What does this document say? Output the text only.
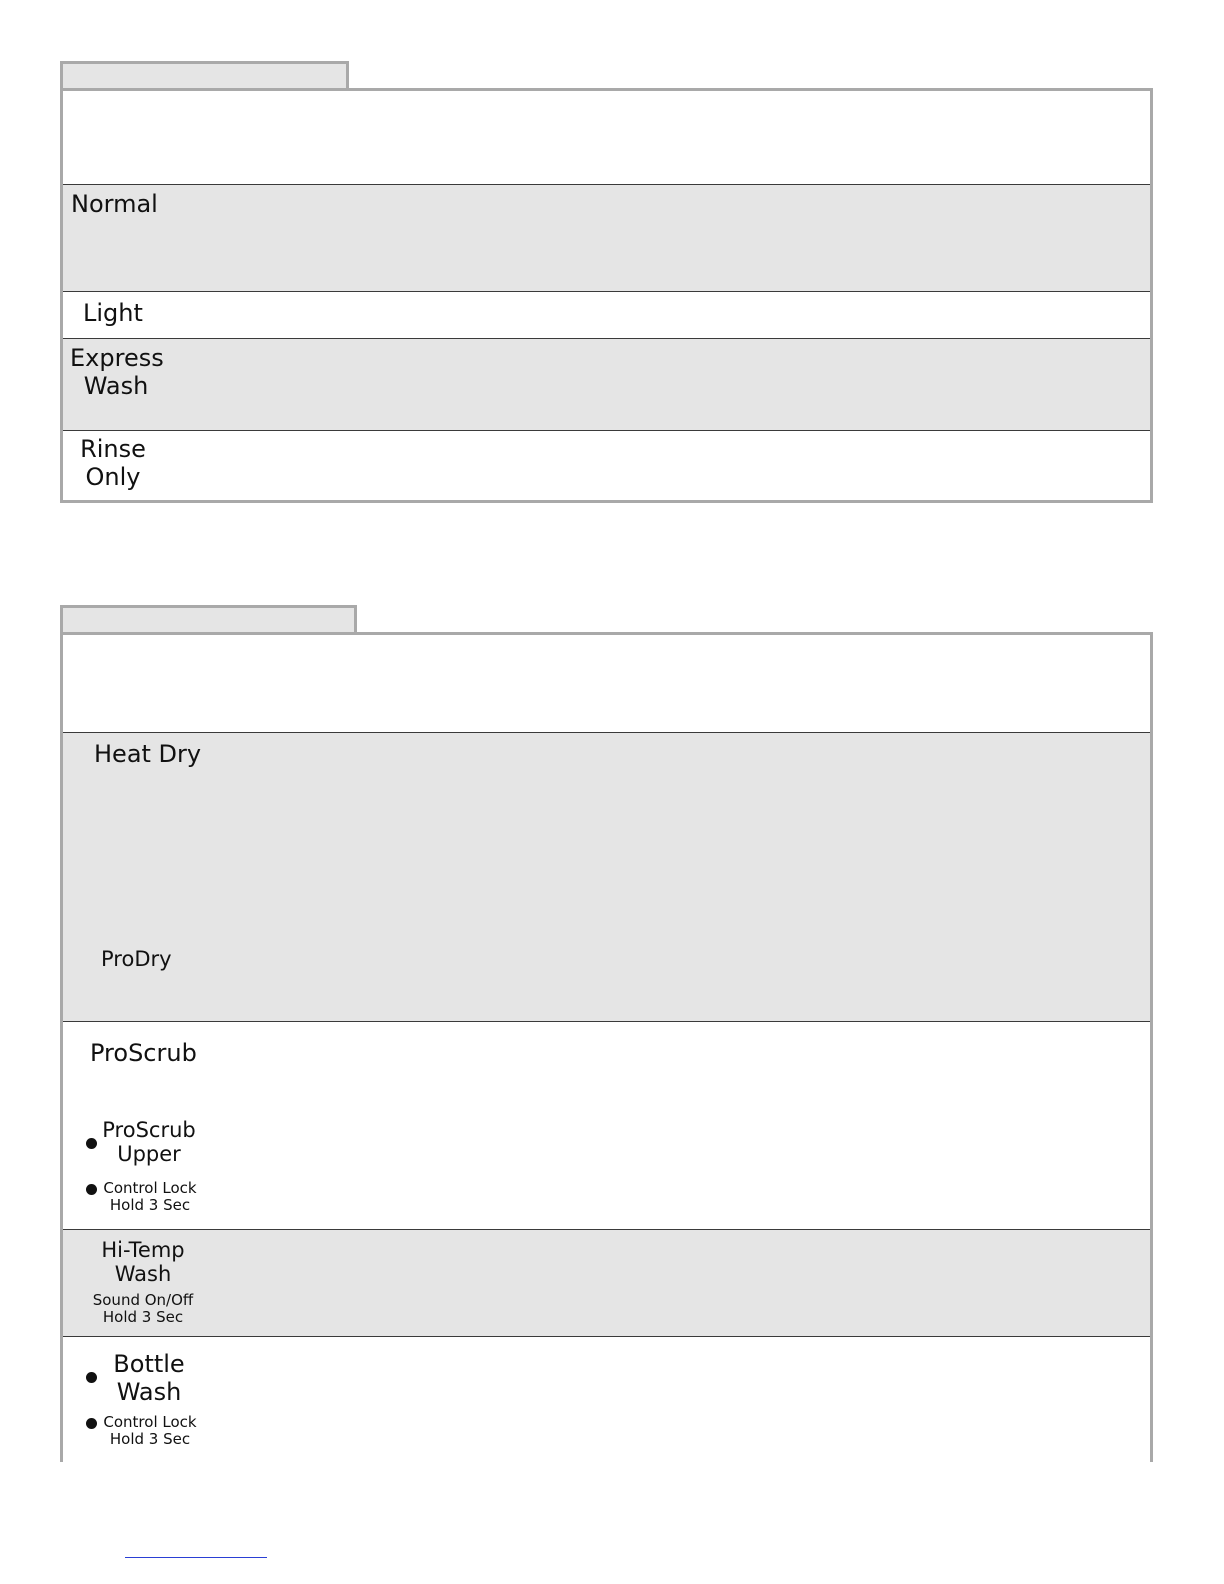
Normal
Light
Express
Wash
Rinse
Only
Heat Dry
ProDry
ProScrub
ProScrub
Upper
Control Lock
Hold 3 Sec
Hi-Temp
Wash
Sound On/Off
Hold 3 Sec
Bottle
Wash
Control Lock
Hold 3 Sec
